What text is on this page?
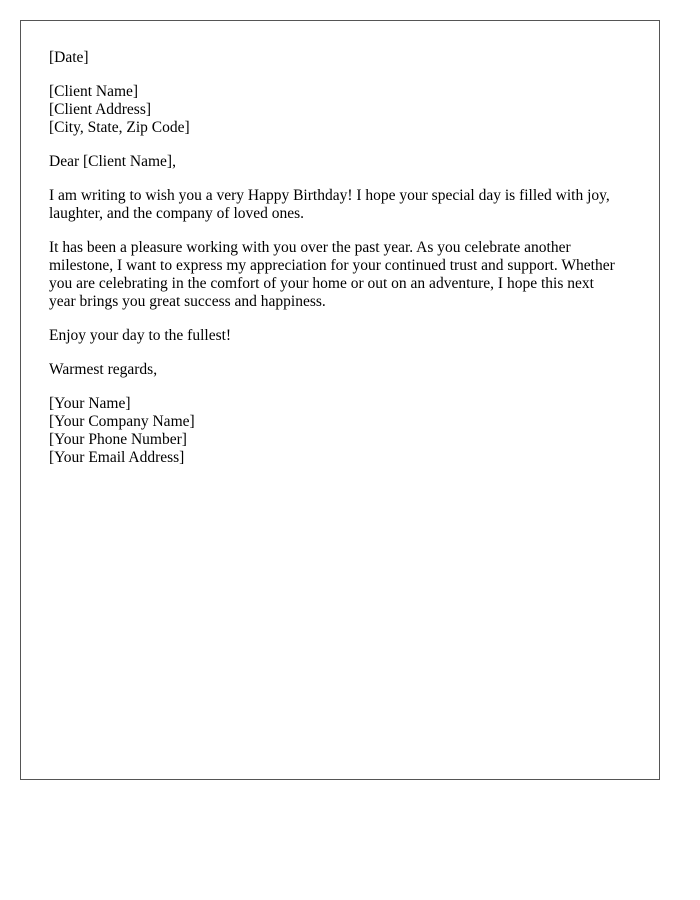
[Date]
[Client Name]
[Client Address]
[City, State, Zip Code]
Dear [Client Name],

I am writing to wish you a very Happy Birthday! I hope your special day is filled with joy,
laughter, and the company of loved ones.

It has been a pleasure working with you over the past year. As you celebrate another
milestone, I want to express my appreciation for your continued trust and support. Whether
you are celebrating in the comfort of your home or out on an adventure, I hope this next
year brings you great success and happiness.

Enjoy your day to the fullest!

Warmest regards,
[Your Name]
[Your Company Name]
[Your Phone Number]
[Your Email Address]
